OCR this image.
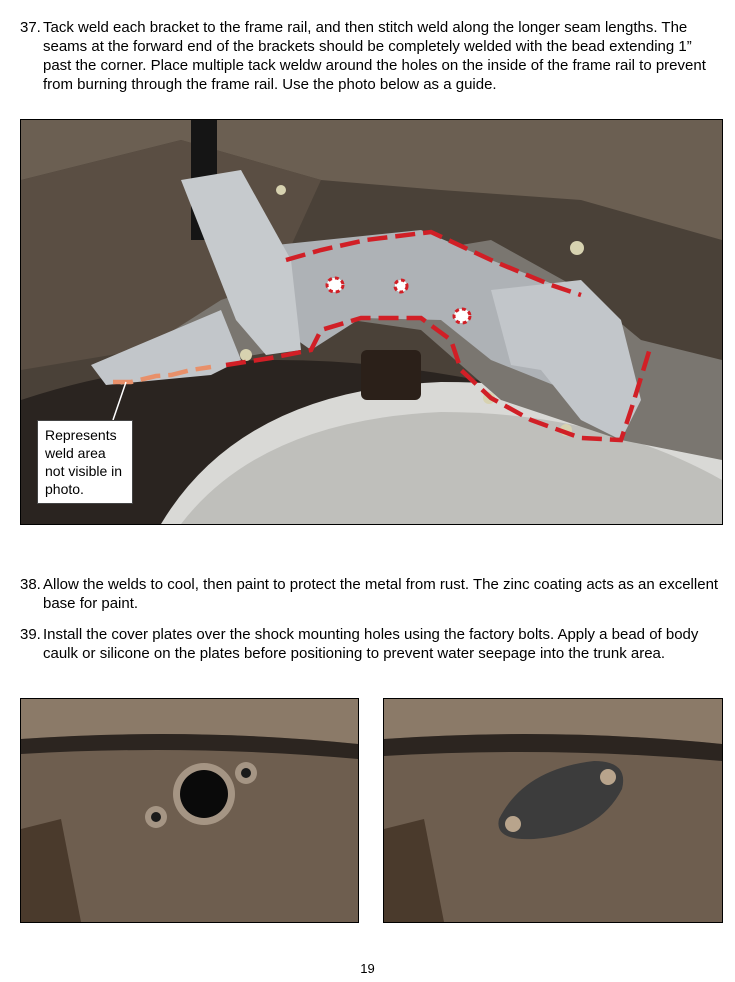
37. Tack weld each bracket to the frame rail, and then stitch weld along the longer seam lengths. The seams at the forward end of the brackets should be completely welded with the bead extending 1” past the corner. Place multiple tack weldw around the holes on the inside of the frame rail to prevent from burning through the frame rail. Use the photo below as a guide.
Represents weld area not visible in photo.
38. Allow the welds to cool, then paint to protect the metal from rust. The zinc coating acts as an excellent base for paint.
39. Install the cover plates over the shock mounting holes using the factory bolts. Apply a bead of body caulk or silicone on the plates before positioning to prevent water seepage into the trunk area.
19
